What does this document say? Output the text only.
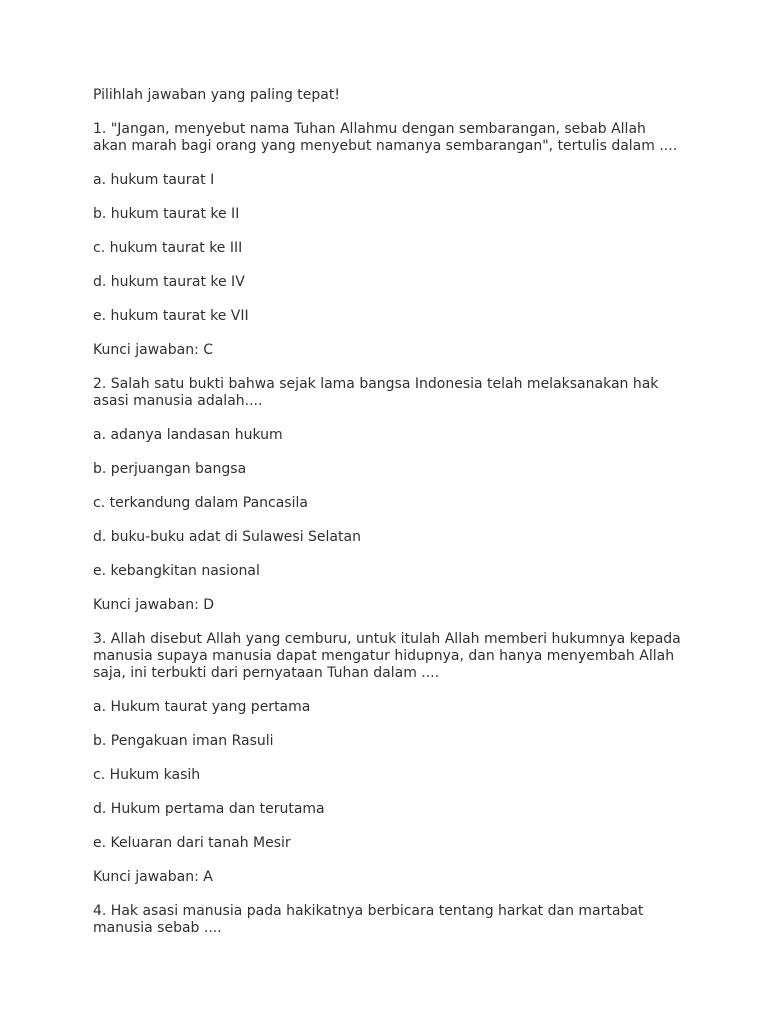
Pilihlah jawaban yang paling tepat!

1. "Jangan, menyebut nama Tuhan Allahmu dengan sembarangan, sebab Allah

akan marah bagi orang yang menyebut namanya sembarangan", tertulis dalam ....

a. hukum taurat I

b. hukum taurat ke II

c. hukum taurat ke III

d. hukum taurat ke IV

e. hukum taurat ke VII

Kunci jawaban: C

2. Salah satu bukti bahwa sejak lama bangsa Indonesia telah melaksanakan hak

asasi manusia adalah....

a. adanya landasan hukum

b. perjuangan bangsa

c. terkandung dalam Pancasila

d. buku-buku adat di Sulawesi Selatan

e. kebangkitan nasional

Kunci jawaban: D

3. Allah disebut Allah yang cemburu, untuk itulah Allah memberi hukumnya kepada

manusia supaya manusia dapat mengatur hidupnya, dan hanya menyembah Allah

saja, ini terbukti dari pernyataan Tuhan dalam ....

a. Hukum taurat yang pertama

b. Pengakuan iman Rasuli

c. Hukum kasih

d. Hukum pertama dan terutama

e. Keluaran dari tanah Mesir

Kunci jawaban: A

4. Hak asasi manusia pada hakikatnya berbicara tentang harkat dan martabat

manusia sebab ....
